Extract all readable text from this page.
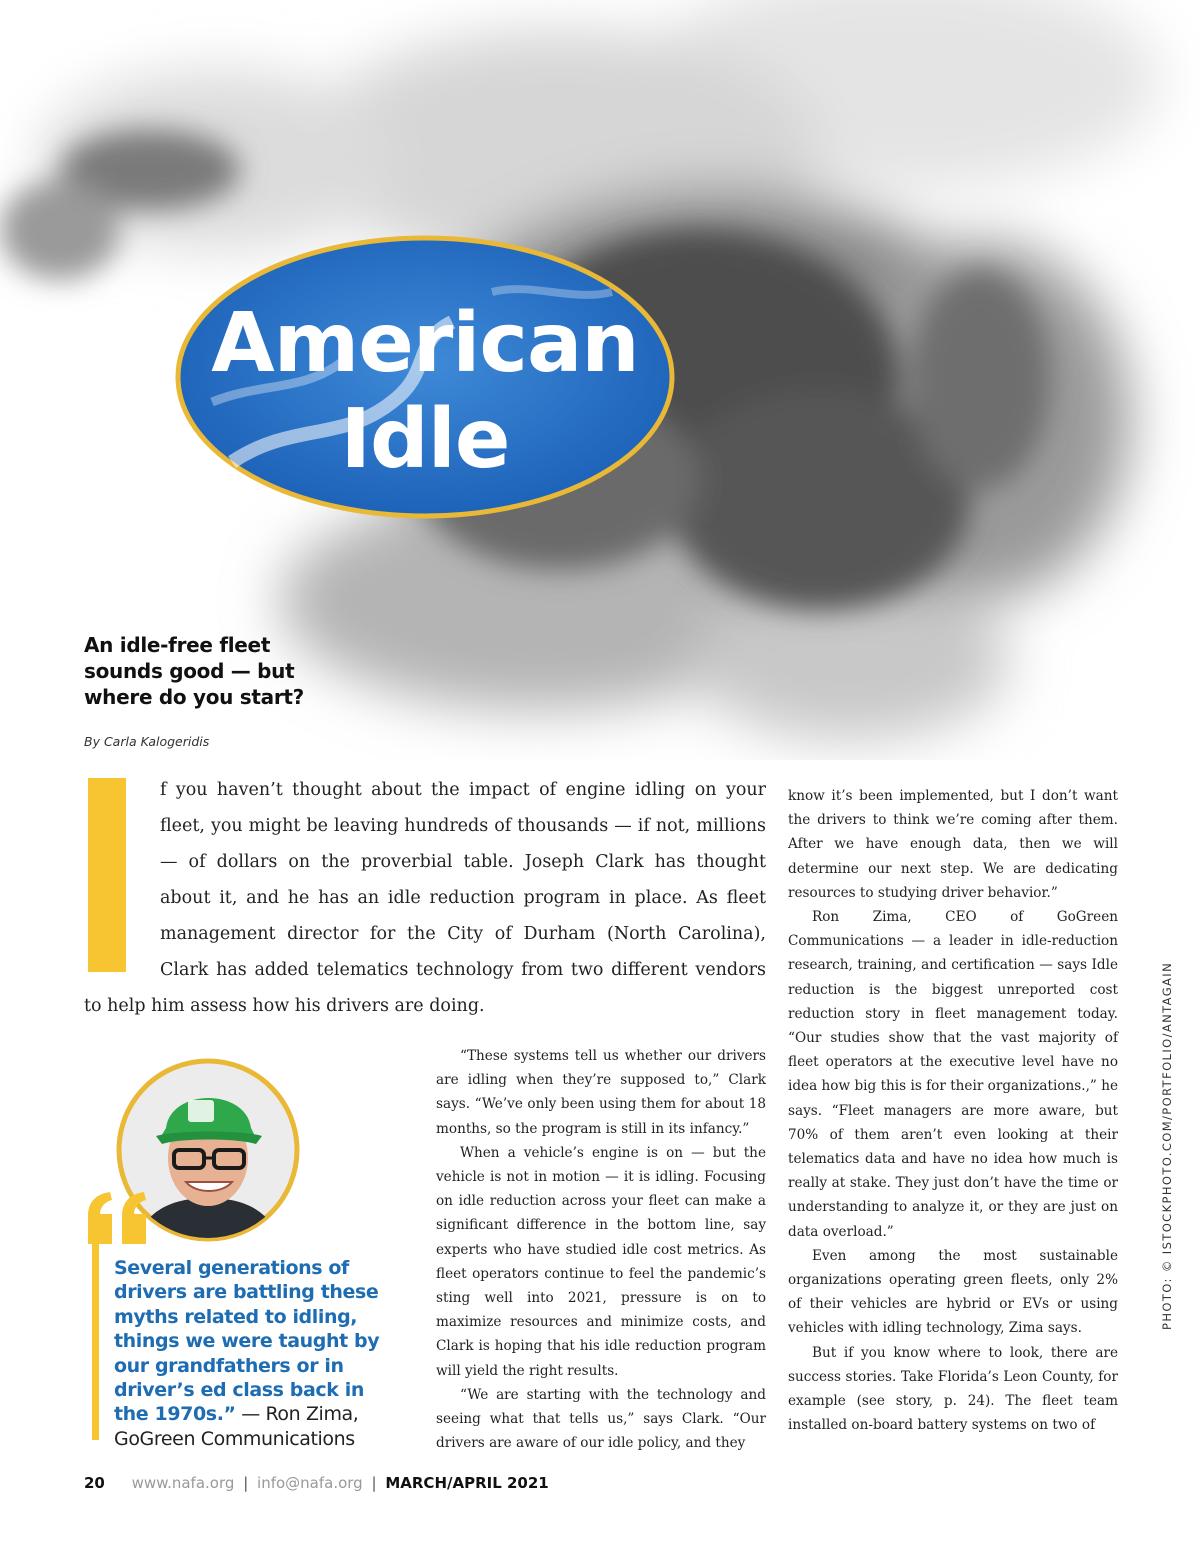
American
Idle
An idle-free fleet sounds good — but where do you start?
By Carla Kalogeridis

f you haven’t thought about the impact of engine idling on your fleet, you might be leaving hundreds of thousands — if not, millions — of dollars on the proverbial table. Joseph Clark has thought about it, and he has an idle reduction program in place. As fleet management director for the City of Durham (North Carolina), Clark has added telematics technology from two different vendors to help him assess how his drivers are doing.

“These systems tell us whether our drivers are idling when they’re supposed to,” Clark says. “We’ve only been using them for about 18 months, so the program is still in its infancy.”

When a vehicle’s engine is on — but the vehicle is not in motion — it is idling. Focusing on idle reduction across your fleet can make a significant difference in the bottom line, say experts who have studied idle cost metrics. As fleet operators continue to feel the pandemic’s sting well into 2021, pressure is on to maximize resources and minimize costs, and Clark is hoping that his idle reduction program will yield the right results.

“We are starting with the technology and seeing what that tells us,” says Clark. “Our drivers are aware of our idle policy, and they

know it’s been implemented, but I don’t want the drivers to think we’re coming after them. After we have enough data, then we will determine our next step. We are dedicating resources to studying driver behavior.”

Ron Zima, CEO of GoGreen Communications — a leader in idle-reduction research, training, and certification — says Idle reduction is the biggest unreported cost reduction story in fleet management today. “Our studies show that the vast majority of fleet operators at the executive level have no idea how big this is for their organizations.,” he says. “Fleet managers are more aware, but 70% of them aren’t even looking at their telematics data and have no idea how much is really at stake. They just don’t have the time or understanding to analyze it, or they are just on data overload.”

Even among the most sustainable organizations operating green fleets, only 2% of their vehicles are hybrid or EVs or using vehicles with idling technology, Zima says.

But if you know where to look, there are success stories. Take Florida’s Leon County, for example (see story, p. 24). The fleet team installed on-board battery systems on two of

Several generations of drivers are battling these myths related to idling, things we were taught by our grandfathers or in driver’s ed class back in the 1970s.” — Ron Zima, GoGreen Communications

PHOTO: © ISTOCKPHOTO.COM/PORTFOLIO/ANTAGAIN
20 www.nafa.org | info@nafa.org | MARCH/APRIL 2021
